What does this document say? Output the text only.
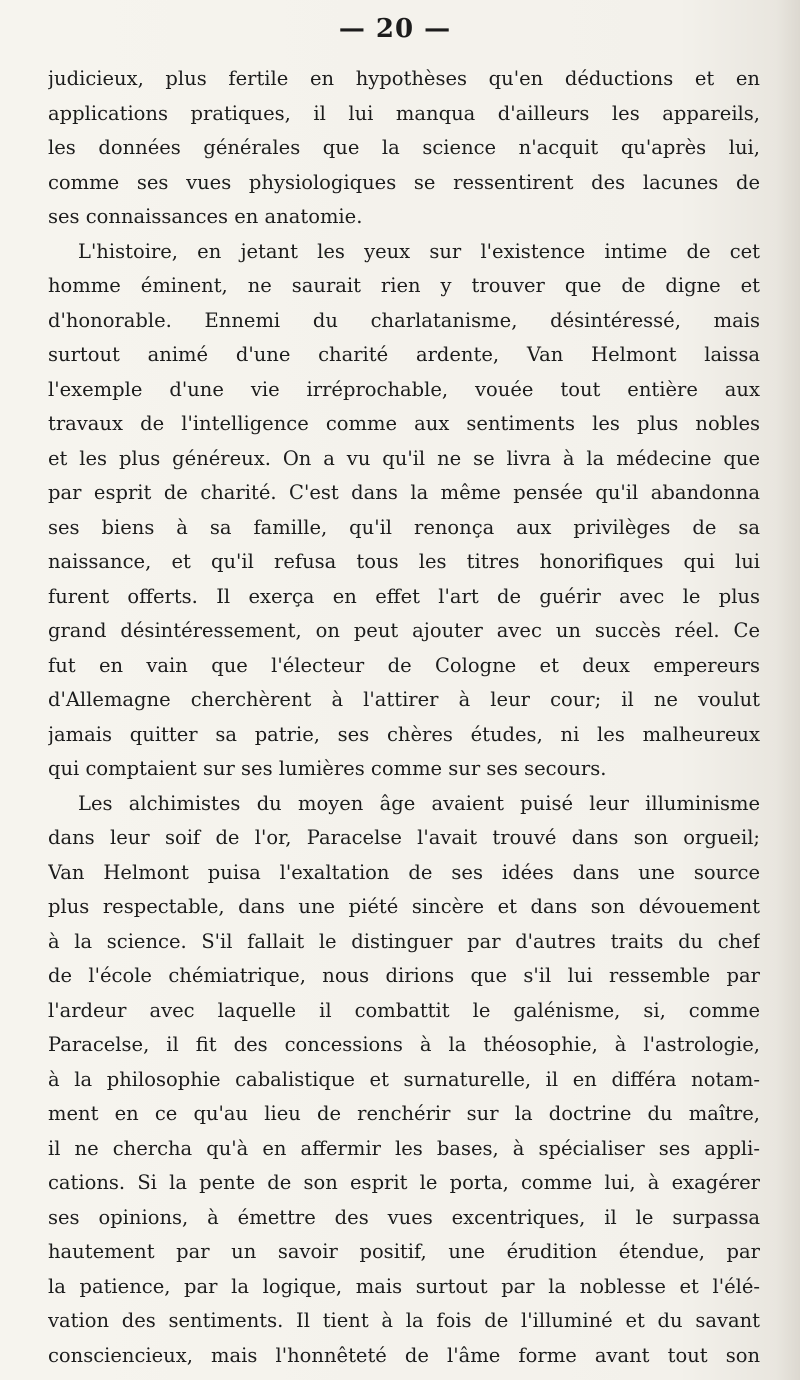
— 20 —
judicieux, plus fertile en hypothèses qu'en déductions et en
applications pratiques, il lui manqua d'ailleurs les appareils,
les données générales que la science n'acquit qu'après lui,
comme ses vues physiologiques se ressentirent des lacunes de
ses connaissances en anatomie.
L'histoire, en jetant les yeux sur l'existence intime de cet
homme éminent, ne saurait rien y trouver que de digne et
d'honorable. Ennemi du charlatanisme, désintéressé, mais
surtout animé d'une charité ardente, Van Helmont laissa
l'exemple d'une vie irréprochable, vouée tout entière aux
travaux de l'intelligence comme aux sentiments les plus nobles
et les plus généreux. On a vu qu'il ne se livra à la médecine que
par esprit de charité. C'est dans la même pensée qu'il abandonna
ses biens à sa famille, qu'il renonça aux privilèges de sa
naissance, et qu'il refusa tous les titres honorifiques qui lui
furent offerts. Il exerça en effet l'art de guérir avec le plus
grand désintéressement, on peut ajouter avec un succès réel. Ce
fut en vain que l'électeur de Cologne et deux empereurs
d'Allemagne cherchèrent à l'attirer à leur cour; il ne voulut
jamais quitter sa patrie, ses chères études, ni les malheureux
qui comptaient sur ses lumières comme sur ses secours.
Les alchimistes du moyen âge avaient puisé leur illuminisme
dans leur soif de l'or, Paracelse l'avait trouvé dans son orgueil;
Van Helmont puisa l'exaltation de ses idées dans une source
plus respectable, dans une piété sincère et dans son dévouement
à la science. S'il fallait le distinguer par d'autres traits du chef
de l'école chémiatrique, nous dirions que s'il lui ressemble par
l'ardeur avec laquelle il combattit le galénisme, si, comme
Paracelse, il fit des concessions à la théosophie, à l'astrologie,
à la philosophie cabalistique et surnaturelle, il en différa notam-
ment en ce qu'au lieu de renchérir sur la doctrine du maître,
il ne chercha qu'à en affermir les bases, à spécialiser ses appli-
cations. Si la pente de son esprit le porta, comme lui, à exagérer
ses opinions, à émettre des vues excentriques, il le surpassa
hautement par un savoir positif, une érudition étendue, par
la patience, par la logique, mais surtout par la noblesse et l'élé-
vation des sentiments. Il tient à la fois de l'illuminé et du savant
consciencieux, mais l'honnêteté de l'âme forme avant tout son
